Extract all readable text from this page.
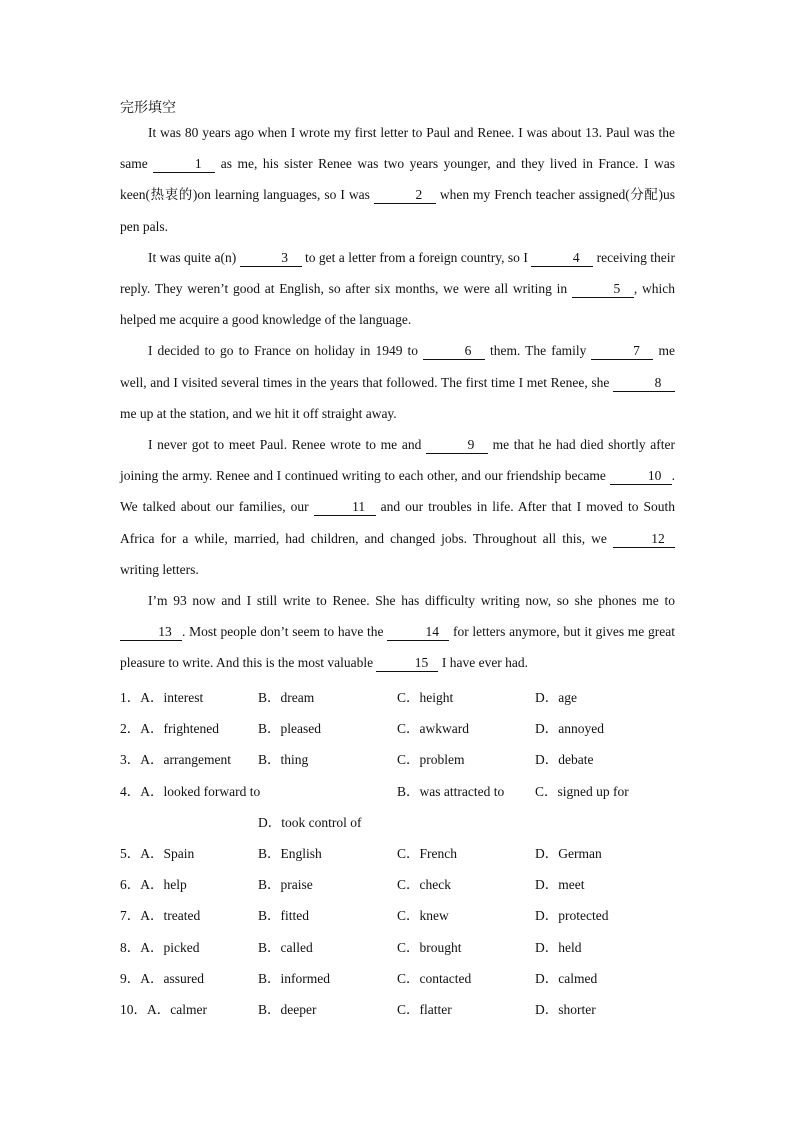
完形填空

It was 80 years ago when I wrote my first letter to Paul and Renee. I was about 13. Paul was the same	1 as me, his sister Renee was two years younger, and they lived in France. I was keen(热衷的)on learning languages, so I was	2 when my French teacher assigned(分配)us pen pals.

It was quite a(n)	3 to get a letter from a foreign country, so I	4 receiving their reply. They weren’t good at English, so after six months, we were all writing in	5 , which helped me acquire a good knowledge of the language.

I decided to go to France on holiday in 1949 to	6 them. The family	7 me well, and I visited several times in the years that followed. The first time I met Renee, she	8me up at the station, and we hit it off straight away.

I never got to meet Paul. Renee wrote to me and	9 me that he had died shortly after joining the army. Renee and I continued writing to each other, and our friendship became	10 . We talked about our families, our	11 and our troubles in life. After that I moved to South Africa for a while, married, had children, and changed jobs. Throughout all this, we	12 writing letters.

I’m 93 now and I still write to Renee. She has difficulty writing now, so she phones me to 13 . Most people don’t seem to have the	14 for letters anymore, but it gives me great pleasure to write. And this is the most valuable	15 I have ever had.

1．A．interest	B．dream	C．height	D．age
2．A．frightened	B．pleased	C．awkward	D．annoyed
3．A．arrangement B．thing	C．problem	D．debate
4．A．looked forward to	B．was attracted to C．signed up for
D．took control of
5．A．Spain	B．English	C．French	D．German
6．A．help	B．praise	C．check	D．meet
7．A．treated	B．fitted	C．knew	D．protected
8．A．picked	B．called	C．brought	D．held
9．A．assured	B．informed	C．contacted	D．calmed
10．A．calmer	B．deeper	C．flatter	D．shorter
